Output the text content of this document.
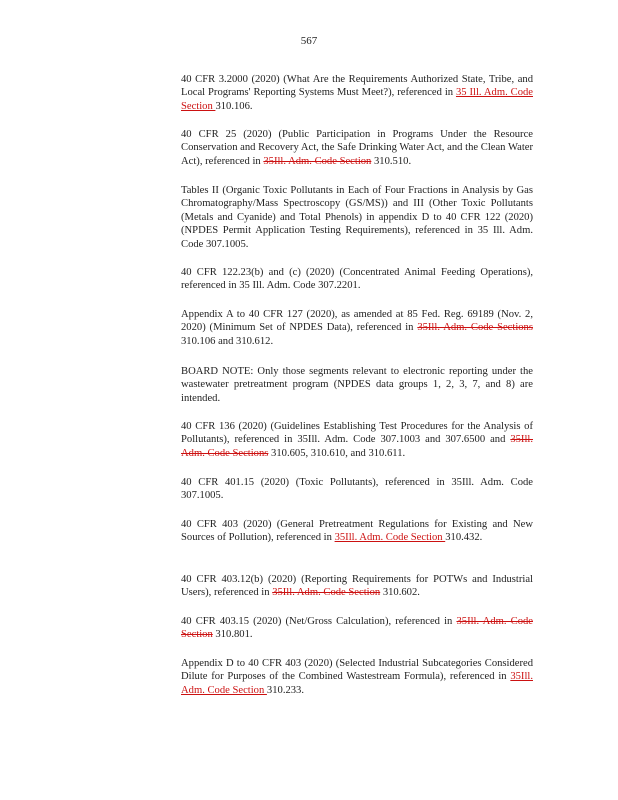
567

40 CFR 3.2000 (2020) (What Are the Requirements Authorized State, Tribe, and Local Programs' Reporting Systems Must Meet?), referenced in 35 Ill. Adm. Code Section 310.106.

40 CFR 25 (2020) (Public Participation in Programs Under the Resource Conservation and Recovery Act, the Safe Drinking Water Act, and the Clean Water Act), referenced in 35Ill. Adm. Code Section 310.510.

Tables II (Organic Toxic Pollutants in Each of Four Fractions in Analysis by Gas Chromatography/Mass Spectroscopy (GS/MS)) and III (Other Toxic Pollutants (Metals and Cyanide) and Total Phenols) in appendix D to 40 CFR 122 (2020) (NPDES Permit Application Testing Requirements), referenced in 35 Ill. Adm. Code 307.1005.

40 CFR 122.23(b) and (c) (2020) (Concentrated Animal Feeding Operations), referenced in 35 Ill. Adm. Code 307.2201.

Appendix A to 40 CFR 127 (2020), as amended at 85 Fed. Reg. 69189 (Nov. 2, 2020) (Minimum Set of NPDES Data), referenced in 35Ill. Adm. Code Sections 310.106 and 310.612.

BOARD NOTE: Only those segments relevant to electronic reporting under the wastewater pretreatment program (NPDES data groups 1, 2, 3, 7, and 8) are intended.

40 CFR 136 (2020) (Guidelines Establishing Test Procedures for the Analysis of Pollutants), referenced in 35Ill. Adm. Code 307.1003 and 307.6500 and 35Ill. Adm. Code Sections 310.605, 310.610, and 310.611.

40 CFR 401.15 (2020) (Toxic Pollutants), referenced in 35Ill. Adm. Code 307.1005.

40 CFR 403 (2020) (General Pretreatment Regulations for Existing and New Sources of Pollution), referenced in 35Ill. Adm. Code Section 310.432.

40 CFR 403.12(b) (2020) (Reporting Requirements for POTWs and Industrial Users), referenced in 35Ill. Adm. Code Section 310.602.

40 CFR 403.15 (2020) (Net/Gross Calculation), referenced in 35Ill. Adm. Code Section 310.801.

Appendix D to 40 CFR 403 (2020) (Selected Industrial Subcategories Considered Dilute for Purposes of the Combined Wastestream Formula), referenced in 35Ill. Adm. Code Section 310.233.
